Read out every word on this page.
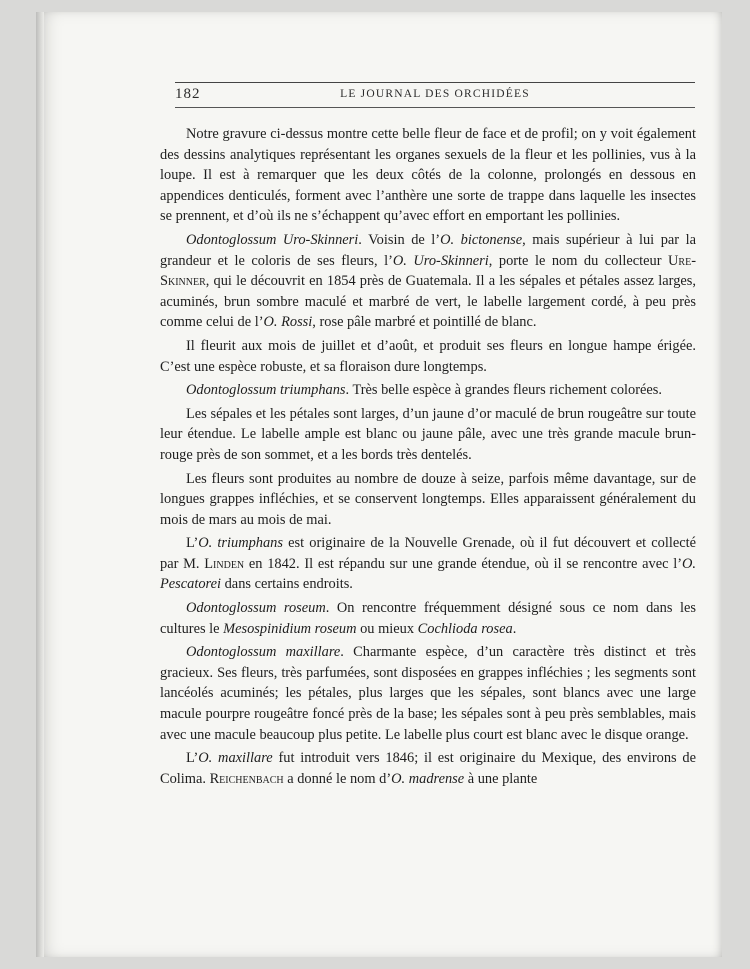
182	LE JOURNAL DES ORCHIDÉES

Notre gravure ci-dessus montre cette belle fleur de face et de profil; on y voit également des dessins analytiques représentant les organes sexuels de la fleur et les pollinies, vus à la loupe. Il est à remarquer que les deux côtés de la colonne, prolongés en dessous en appendices denticulés, forment avec l’anthère une sorte de trappe dans laquelle les insectes se prennent, et d’où ils ne s’échappent qu’avec effort en emportant les pollinies.

Odontoglossum Uro-Skinneri. Voisin de l’O. bictonense, mais supérieur à lui par la grandeur et le coloris de ses fleurs, l’O. Uro-Skinneri, porte le nom du collecteur Ure-Skinner, qui le découvrit en 1854 près de Guatemala. Il a les sépales et pétales assez larges, acuminés, brun sombre maculé et marbré de vert, le labelle largement cordé, à peu près comme celui de l’O. Rossi, rose pâle marbré et pointillé de blanc.

Il fleurit aux mois de juillet et d’août, et produit ses fleurs en longue hampe érigée. C’est une espèce robuste, et sa floraison dure longtemps.

Odontoglossum triumphans. Très belle espèce à grandes fleurs richement colorées.

Les sépales et les pétales sont larges, d’un jaune d’or maculé de brun rougeâtre sur toute leur étendue. Le labelle ample est blanc ou jaune pâle, avec une très grande macule brun-rouge près de son sommet, et a les bords très dentelés.

Les fleurs sont produites au nombre de douze à seize, parfois même davantage, sur de longues grappes infléchies, et se conservent longtemps. Elles apparaissent généralement du mois de mars au mois de mai.

L’O. triumphans est originaire de la Nouvelle Grenade, où il fut découvert et collecté par M. Linden en 1842. Il est répandu sur une grande étendue, où il se rencontre avec l’O. Pescatorei dans certains endroits.

Odontoglossum roseum. On rencontre fréquemment désigné sous ce nom dans les cultures le Mesospinidium roseum ou mieux Cochlioda rosea.

Odontoglossum maxillare. Charmante espèce, d’un caractère très distinct et très gracieux. Ses fleurs, très parfumées, sont disposées en grappes infléchies ; les segments sont lancéolés acuminés; les pétales, plus larges que les sépales, sont blancs avec une large macule pourpre rougeâtre foncé près de la base; les sépales sont à peu près semblables, mais avec une macule beaucoup plus petite. Le labelle plus court est blanc avec le disque orange.

L’O. maxillare fut introduit vers 1846; il est originaire du Mexique, des environs de Colima. Reichenbach a donné le nom d’O. madrense à une plante
